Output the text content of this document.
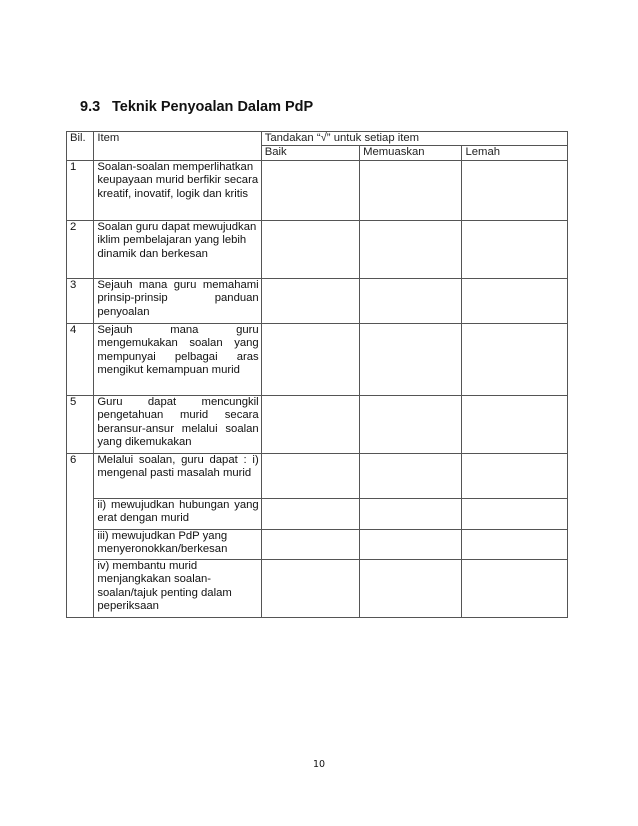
9.3 Teknik Penyoalan Dalam PdP
Bil.	Item	Tandakan “√” untuk setiap item		
		Baik	Memuaskan	Lemah
1	Soalan-soalan memperlihatkan keupayaan murid berfikir secara kreatif, inovatif, logik dan kritis			
2	Soalan guru dapat mewujudkan iklim pembelajaran yang lebih dinamik dan berkesan			
3	Sejauh mana guru memahami prinsip-prinsip panduan penyoalan			
4	Sejauh mana guru mengemukakan soalan yang mempunyai pelbagai aras mengikut kemampuan murid			
5	Guru dapat mencungkil pengetahuan murid secara beransur-ansur melalui soalan yang dikemukakan			
6	Melalui soalan, guru dapat : i) mengenal pasti masalah murid			
	ii) mewujudkan hubungan yang erat dengan murid			
	iii) mewujudkan PdP yang menyeronokkan/berkesan			
	iv) membantu murid menjangkakan soalan-soalan/tajuk penting dalam peperiksaan			
10
